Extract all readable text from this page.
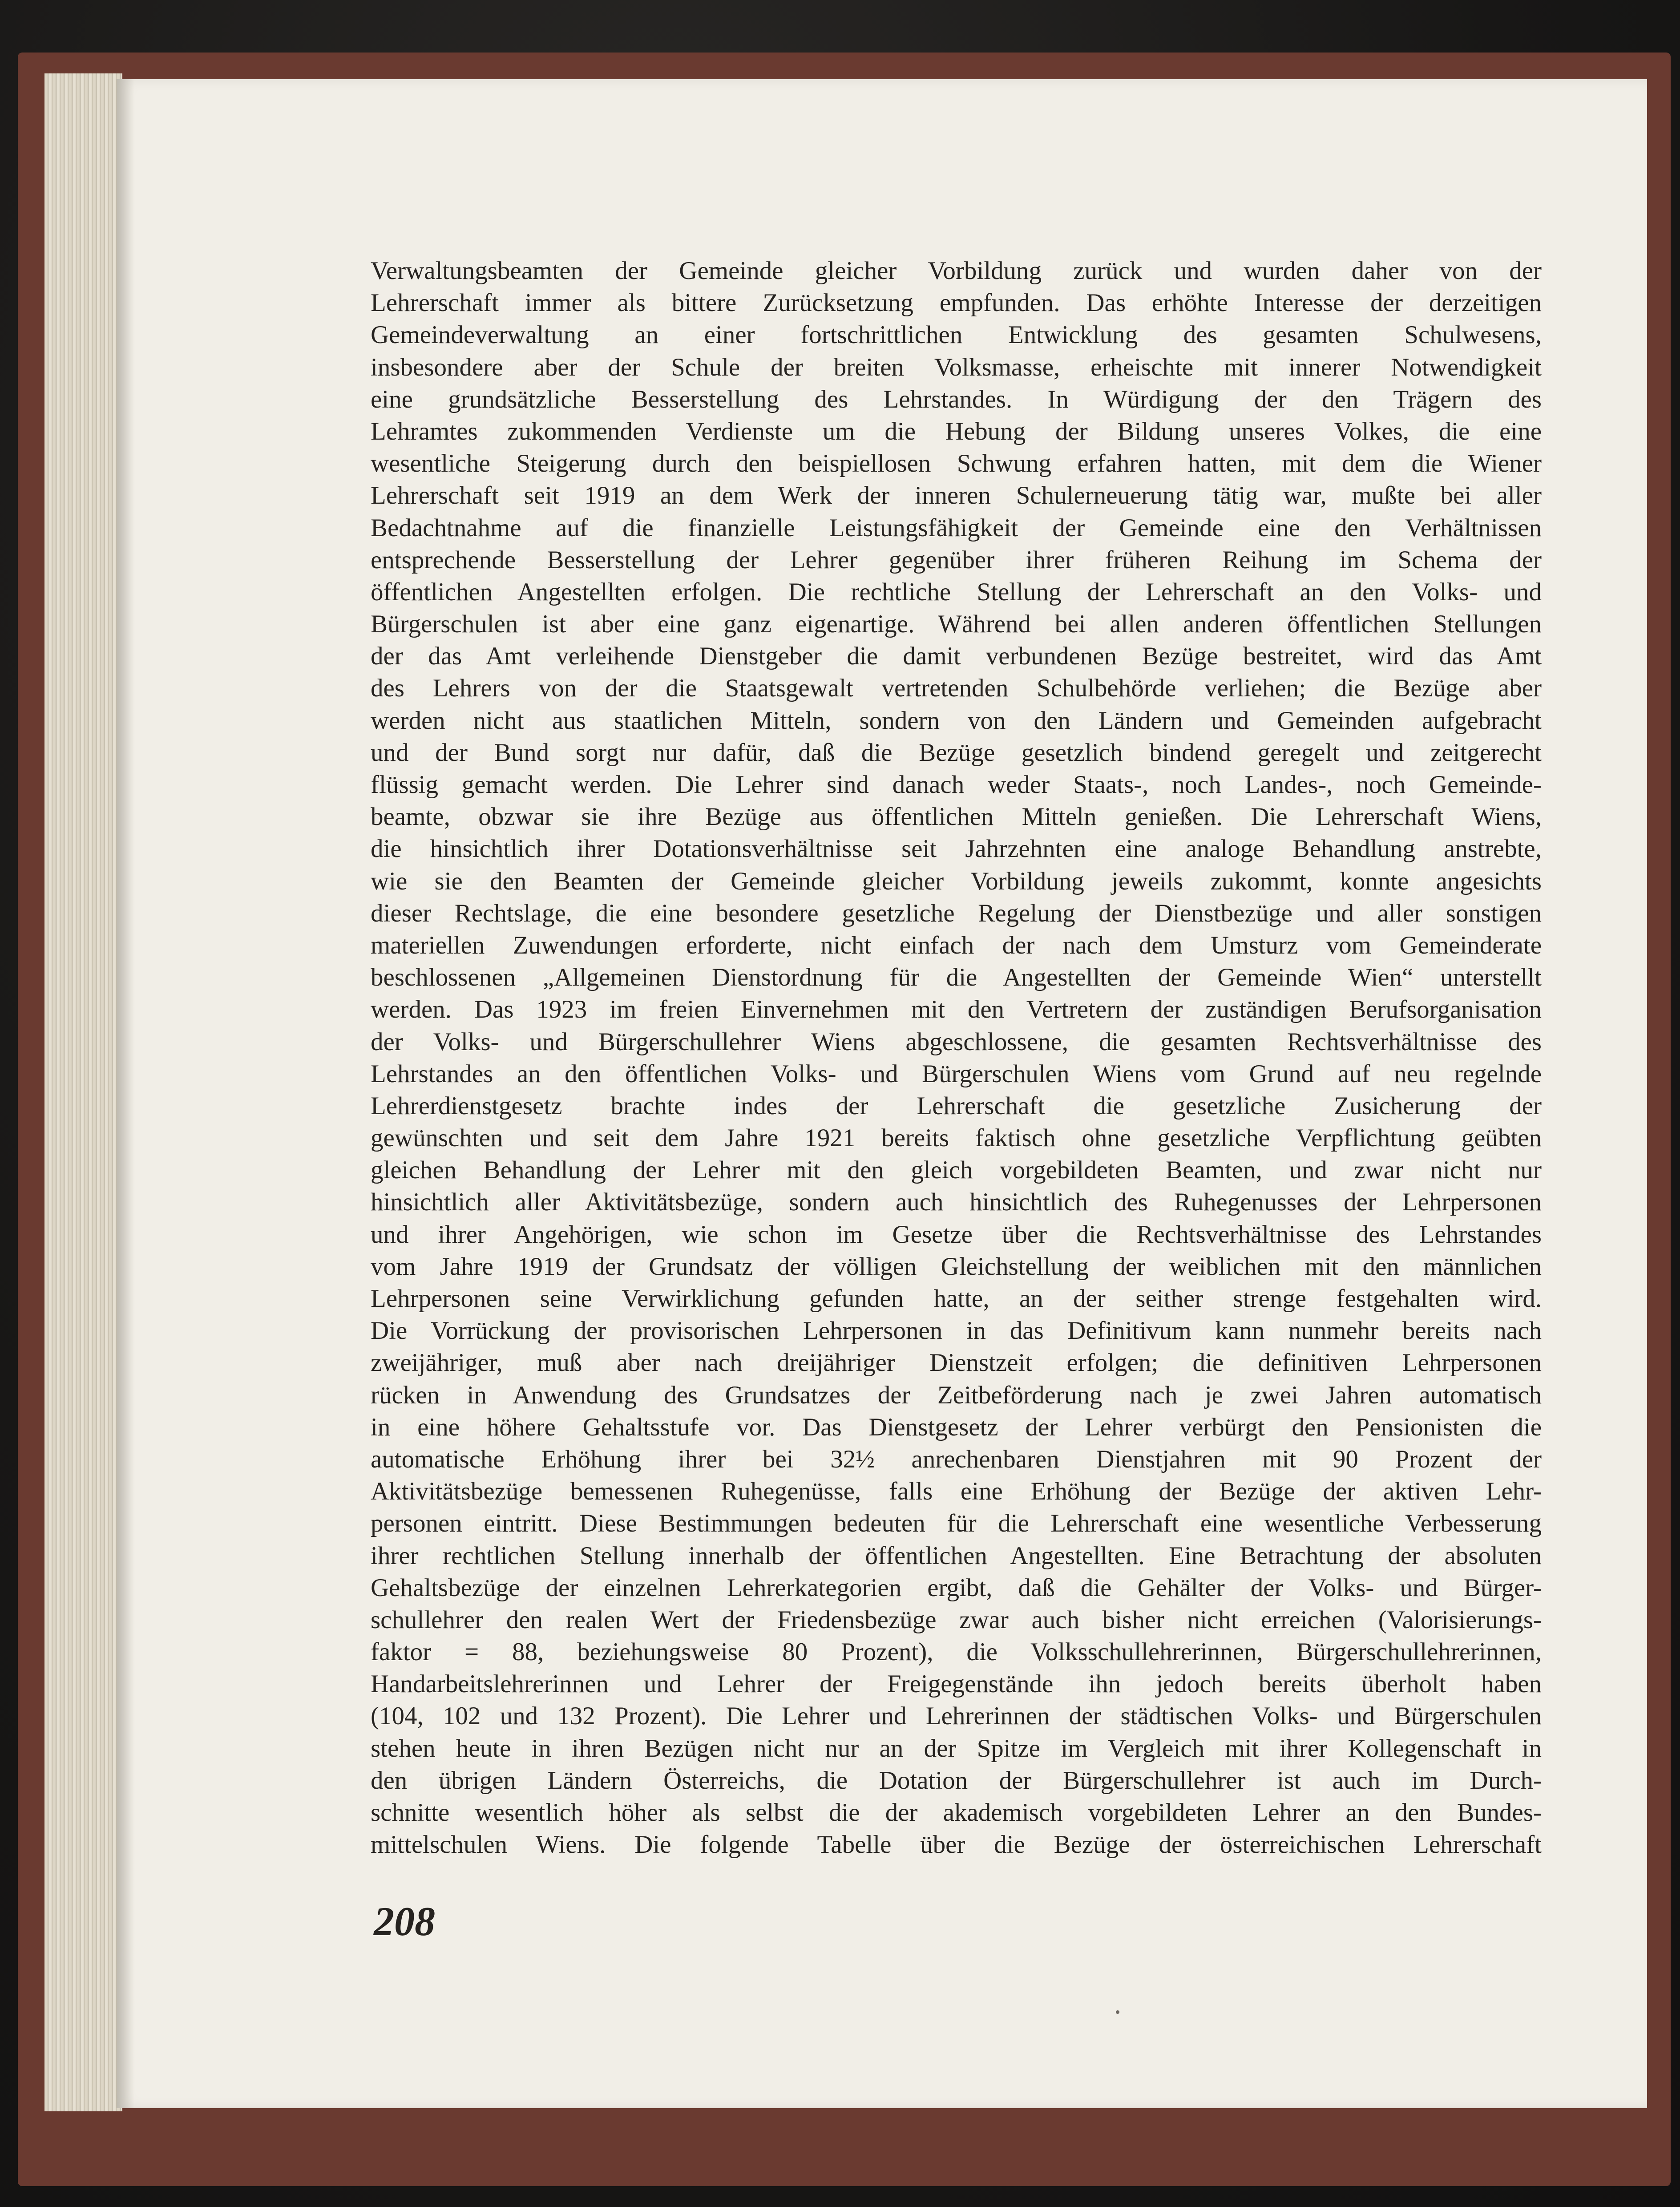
Verwaltungsbeamten der Gemeinde gleicher Vorbildung zurück und wurden daher von der
Lehrerschaft immer als bittere Zurücksetzung empfunden. Das erhöhte Interesse der derzeitigen
Gemeindeverwaltung an einer fortschrittlichen Entwicklung des gesamten Schulwesens,
insbesondere aber der Schule der breiten Volksmasse, erheischte mit innerer Notwendigkeit
eine grundsätzliche Besserstellung des Lehrstandes. In Würdigung der den Trägern des
Lehramtes zukommenden Verdienste um die Hebung der Bildung unseres Volkes, die eine
wesentliche Steigerung durch den beispiellosen Schwung erfahren hatten, mit dem die Wiener
Lehrerschaft seit 1919 an dem Werk der inneren Schulerneuerung tätig war, mußte bei aller
Bedachtnahme auf die finanzielle Leistungsfähigkeit der Gemeinde eine den Verhältnissen
entsprechende Besserstellung der Lehrer gegenüber ihrer früheren Reihung im Schema der
öffentlichen Angestellten erfolgen. Die rechtliche Stellung der Lehrerschaft an den Volks- und
Bürgerschulen ist aber eine ganz eigenartige. Während bei allen anderen öffentlichen Stellungen
der das Amt verleihende Dienstgeber die damit verbundenen Bezüge bestreitet, wird das Amt
des Lehrers von der die Staatsgewalt vertretenden Schulbehörde verliehen; die Bezüge aber
werden nicht aus staatlichen Mitteln, sondern von den Ländern und Gemeinden aufgebracht
und der Bund sorgt nur dafür, daß die Bezüge gesetzlich bindend geregelt und zeitgerecht
flüssig gemacht werden. Die Lehrer sind danach weder Staats-, noch Landes-, noch Gemeinde-
beamte, obzwar sie ihre Bezüge aus öffentlichen Mitteln genießen. Die Lehrerschaft Wiens,
die hinsichtlich ihrer Dotationsverhältnisse seit Jahrzehnten eine analoge Behandlung anstrebte,
wie sie den Beamten der Gemeinde gleicher Vorbildung jeweils zukommt, konnte angesichts
dieser Rechtslage, die eine besondere gesetzliche Regelung der Dienstbezüge und aller sonstigen
materiellen Zuwendungen erforderte, nicht einfach der nach dem Umsturz vom Gemeinderate
beschlossenen „Allgemeinen Dienstordnung für die Angestellten der Gemeinde Wien“ unterstellt
werden. Das 1923 im freien Einvernehmen mit den Vertretern der zuständigen Berufsorganisation
der Volks- und Bürgerschullehrer Wiens abgeschlossene, die gesamten Rechtsverhältnisse des
Lehrstandes an den öffentlichen Volks- und Bürgerschulen Wiens vom Grund auf neu regelnde
Lehrerdienstgesetz brachte indes der Lehrerschaft die gesetzliche Zusicherung der
gewünschten und seit dem Jahre 1921 bereits faktisch ohne gesetzliche Verpflichtung geübten
gleichen Behandlung der Lehrer mit den gleich vorgebildeten Beamten, und zwar nicht nur
hinsichtlich aller Aktivitätsbezüge, sondern auch hinsichtlich des Ruhegenusses der Lehrpersonen
und ihrer Angehörigen, wie schon im Gesetze über die Rechtsverhältnisse des Lehrstandes
vom Jahre 1919 der Grundsatz der völligen Gleichstellung der weiblichen mit den männlichen
Lehrpersonen seine Verwirklichung gefunden hatte, an der seither strenge festgehalten wird.
Die Vorrückung der provisorischen Lehrpersonen in das Definitivum kann nunmehr bereits nach
zweijähriger, muß aber nach dreijähriger Dienstzeit erfolgen; die definitiven Lehrpersonen
rücken in Anwendung des Grundsatzes der Zeitbeförderung nach je zwei Jahren automatisch
in eine höhere Gehaltsstufe vor. Das Dienstgesetz der Lehrer verbürgt den Pensionisten die
automatische Erhöhung ihrer bei 32½ anrechenbaren Dienstjahren mit 90 Prozent der
Aktivitätsbezüge bemessenen Ruhegenüsse, falls eine Erhöhung der Bezüge der aktiven Lehr-
personen eintritt. Diese Bestimmungen bedeuten für die Lehrerschaft eine wesentliche Verbesserung
ihrer rechtlichen Stellung innerhalb der öffentlichen Angestellten. Eine Betrachtung der absoluten
Gehaltsbezüge der einzelnen Lehrerkategorien ergibt, daß die Gehälter der Volks- und Bürger-
schullehrer den realen Wert der Friedensbezüge zwar auch bisher nicht erreichen (Valorisierungs-
faktor = 88, beziehungsweise 80 Prozent), die Volksschullehrerinnen, Bürgerschullehrerinnen,
Handarbeitslehrerinnen und Lehrer der Freigegenstände ihn jedoch bereits überholt haben
(104, 102 und 132 Prozent). Die Lehrer und Lehrerinnen der städtischen Volks- und Bürgerschulen
stehen heute in ihren Bezügen nicht nur an der Spitze im Vergleich mit ihrer Kollegenschaft in
den übrigen Ländern Österreichs, die Dotation der Bürgerschullehrer ist auch im Durch-
schnitte wesentlich höher als selbst die der akademisch vorgebildeten Lehrer an den Bundes-
mittelschulen Wiens. Die folgende Tabelle über die Bezüge der österreichischen Lehrerschaft
208
